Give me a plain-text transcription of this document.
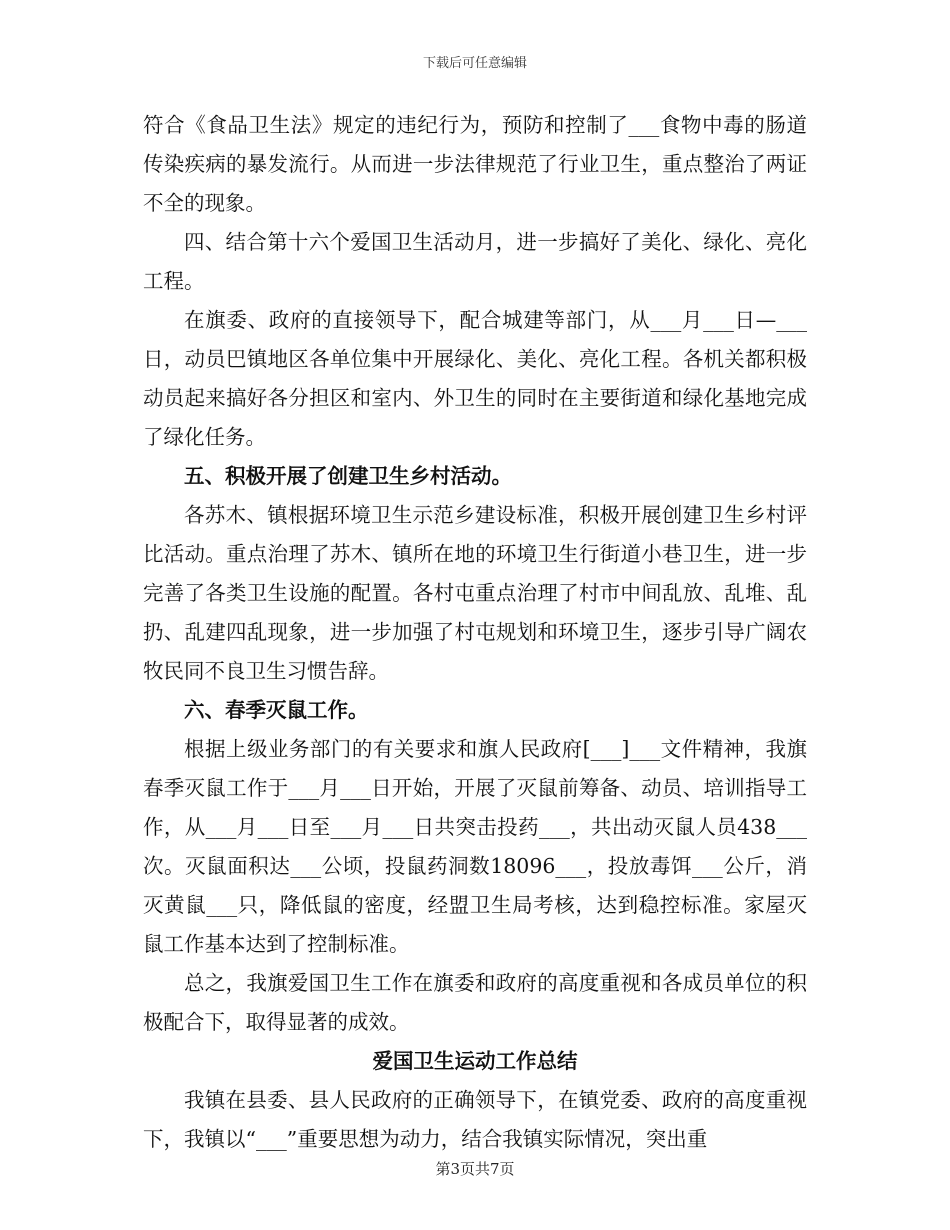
下载后可任意编辑

符合《食品卫生法》规定的违纪行为，预防和控制了___食物中毒的肠道传染疾病的暴发流行。从而进一步法律规范了行业卫生，重点整治了两证不全的现象。

四、结合第十六个爱国卫生活动月，进一步搞好了美化、绿化、亮化工程。

在旗委、政府的直接领导下，配合城建等部门，从___月___日—___日，动员巴镇地区各单位集中开展绿化、美化、亮化工程。各机关都积极动员起来搞好各分担区和室内、外卫生的同时在主要街道和绿化基地完成了绿化任务。

五、积极开展了创建卫生乡村活动。

各苏木、镇根据环境卫生示范乡建设标准，积极开展创建卫生乡村评比活动。重点治理了苏木、镇所在地的环境卫生行街道小巷卫生，进一步完善了各类卫生设施的配置。各村屯重点治理了村市中间乱放、乱堆、乱扔、乱建四乱现象，进一步加强了村屯规划和环境卫生，逐步引导广阔农牧民同不良卫生习惯告辞。

六、春季灭鼠工作。

根据上级业务部门的有关要求和旗人民政府[___]___文件精神，我旗春季灭鼠工作于___月___日开始，开展了灭鼠前筹备、动员、培训指导工作，从___月___日至___月___日共突击投药___，共出动灭鼠人员438___次。灭鼠面积达___公顷，投鼠药洞数18096___，投放毒饵___公斤，消灭黄鼠___只，降低鼠的密度，经盟卫生局考核，达到稳控标准。家屋灭鼠工作基本达到了控制标准。

总之，我旗爱国卫生工作在旗委和政府的高度重视和各成员单位的积极配合下，取得显著的成效。

爱国卫生运动工作总结

我镇在县委、县人民政府的正确领导下，在镇党委、政府的高度重视下，我镇以“___”重要思想为动力，结合我镇实际情况，突出重

第3页共7页
